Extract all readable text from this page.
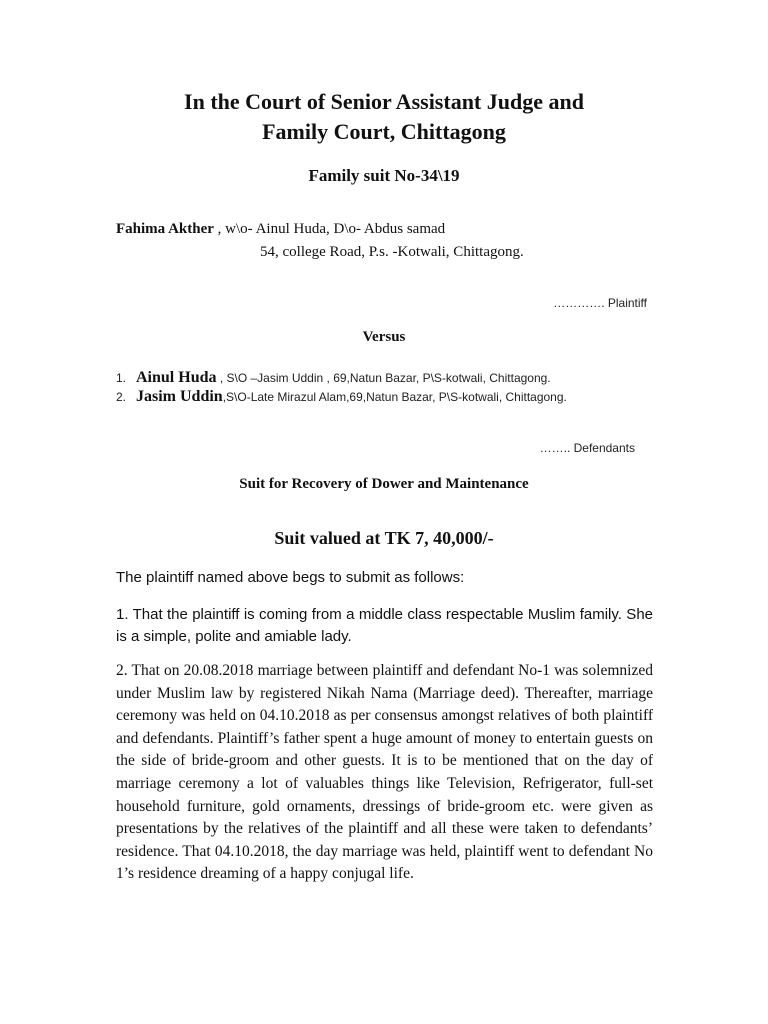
In the Court of Senior Assistant Judge and
Family Court, Chittagong
Family suit No-34\19
Fahima Akther , w\o- Ainul Huda, D\o- Abdus samad
54, college Road, P.s. -Kotwali, Chittagong.
…………. Plaintiff
Versus
1. Ainul Huda , S\O –Jasim Uddin , 69,Natun Bazar, P\S-kotwali, Chittagong.
2. Jasim Uddin,S\O-Late Mirazul Alam,69,Natun Bazar, P\S-kotwali, Chittagong.
…….. Defendants
Suit for Recovery of Dower and Maintenance
Suit valued at TK 7, 40,000/-
The plaintiff named above begs to submit as follows:
1. That the plaintiff is coming from a middle class respectable Muslim family. She is a simple, polite and amiable lady.
2. That on 20.08.2018 marriage between plaintiff and defendant No-1 was solemnized under Muslim law by registered Nikah Nama (Marriage deed). Thereafter, marriage ceremony was held on 04.10.2018 as per consensus amongst relatives of both plaintiff and defendants. Plaintiff’s father spent a huge amount of money to entertain guests on the side of bride-groom and other guests. It is to be mentioned that on the day of marriage ceremony a lot of valuables things like Television, Refrigerator, full-set household furniture, gold ornaments, dressings of bride-groom etc. were given as presentations by the relatives of the plaintiff and all these were taken to defendants’ residence. That 04.10.2018, the day marriage was held, plaintiff went to defendant No 1’s residence dreaming of a happy conjugal life.
